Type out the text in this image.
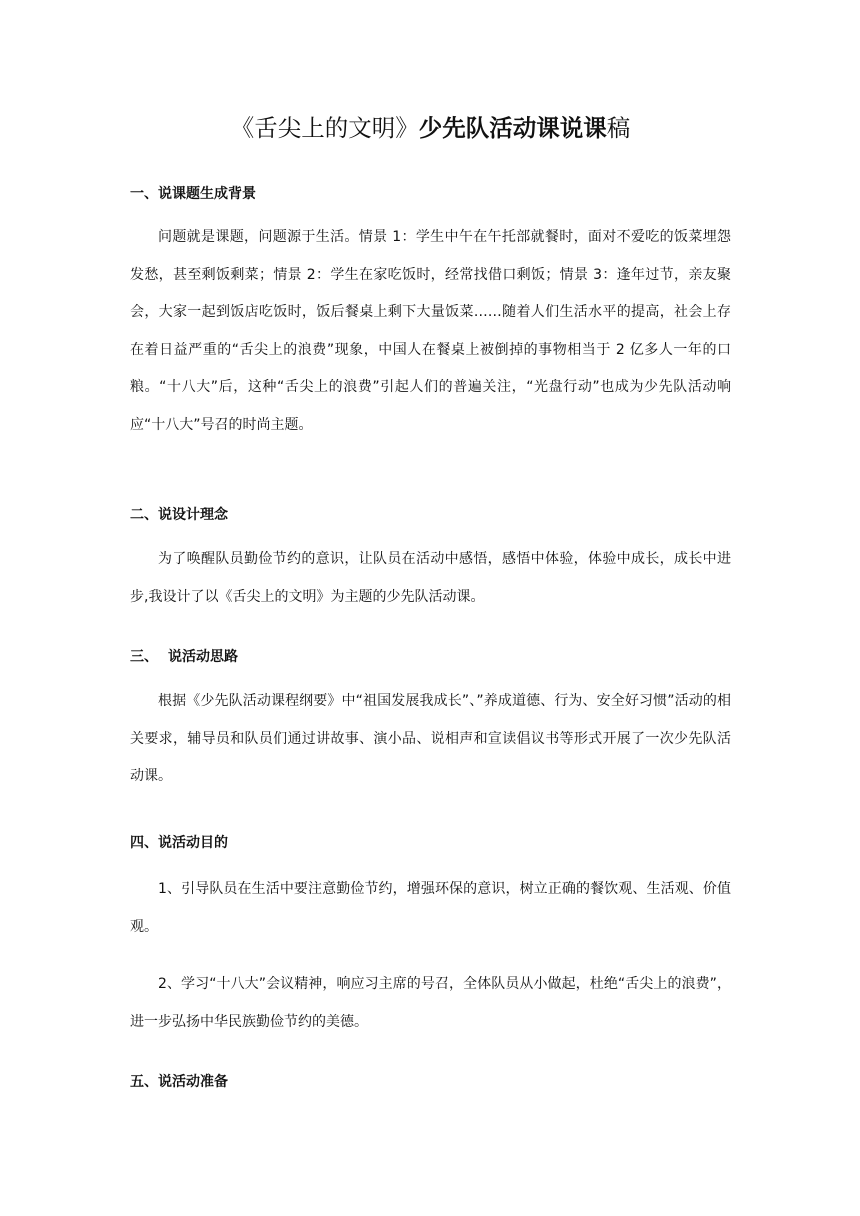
《舌尖上的文明》少先队活动课说课稿
一、说课题生成背景

问题就是课题，问题源于生活。情景 1：学生中午在午托部就餐时，面对不爱吃的饭菜埋怨发愁，甚至剩饭剩菜；情景 2：学生在家吃饭时，经常找借口剩饭；情景 3：逢年过节，亲友聚会，大家一起到饭店吃饭时，饭后餐桌上剩下大量饭菜……随着人们生活水平的提高，社会上存在着日益严重的“舌尖上的浪费”现象，中国人在餐桌上被倒掉的事物相当于 2 亿多人一年的口粮。“十八大”后，这种“舌尖上的浪费”引起人们的普遍关注，“光盘行动”也成为少先队活动响应“十八大”号召的时尚主题。

二、说设计理念

为了唤醒队员勤俭节约的意识，让队员在活动中感悟，感悟中体验，体验中成长，成长中进步,我设计了以《舌尖上的文明》为主题的少先队活动课。

三、 说活动思路

根据《少先队活动课程纲要》中“祖国发展我成长”、”养成道德、行为、安全好习惯”活动的相关要求，辅导员和队员们通过讲故事、演小品、说相声和宣读倡议书等形式开展了一次少先队活动课。

四、说活动目的

1、引导队员在生活中要注意勤俭节约，增强环保的意识，树立正确的餐饮观、生活观、价值观。

2、学习“十八大”会议精神，响应习主席的号召，全体队员从小做起，杜绝“舌尖上的浪费”，进一步弘扬中华民族勤俭节约的美德。

五、说活动准备
